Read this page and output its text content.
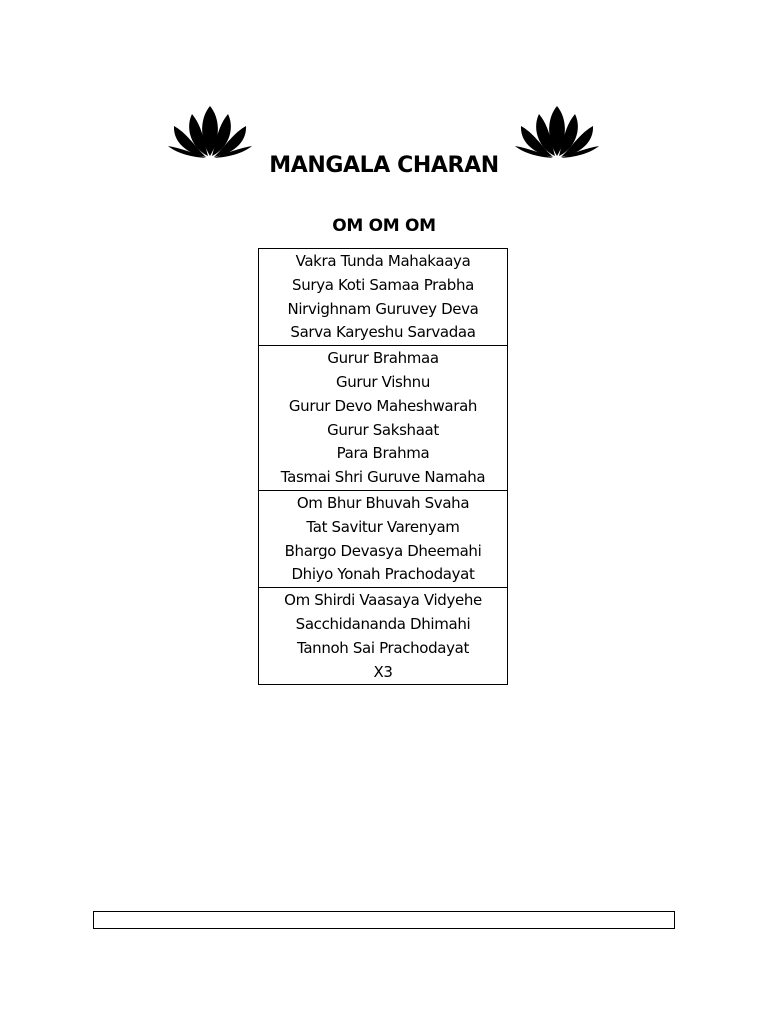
MANGALA CHARAN
OM OM OM
Vakra Tunda Mahakaaya
Surya Koti Samaa Prabha
Nirvighnam Guruvey Deva
Sarva Karyeshu Sarvadaa
Gurur Brahmaa
Gurur Vishnu
Gurur Devo Maheshwarah
Gurur Sakshaat
Para Brahma
Tasmai Shri Guruve Namaha
Om Bhur Bhuvah Svaha
Tat Savitur Varenyam
Bhargo Devasya Dheemahi
Dhiyo Yonah Prachodayat
Om Shirdi Vaasaya Vidyehe
Sacchidananda Dhimahi
Tannoh Sai Prachodayat
X3
